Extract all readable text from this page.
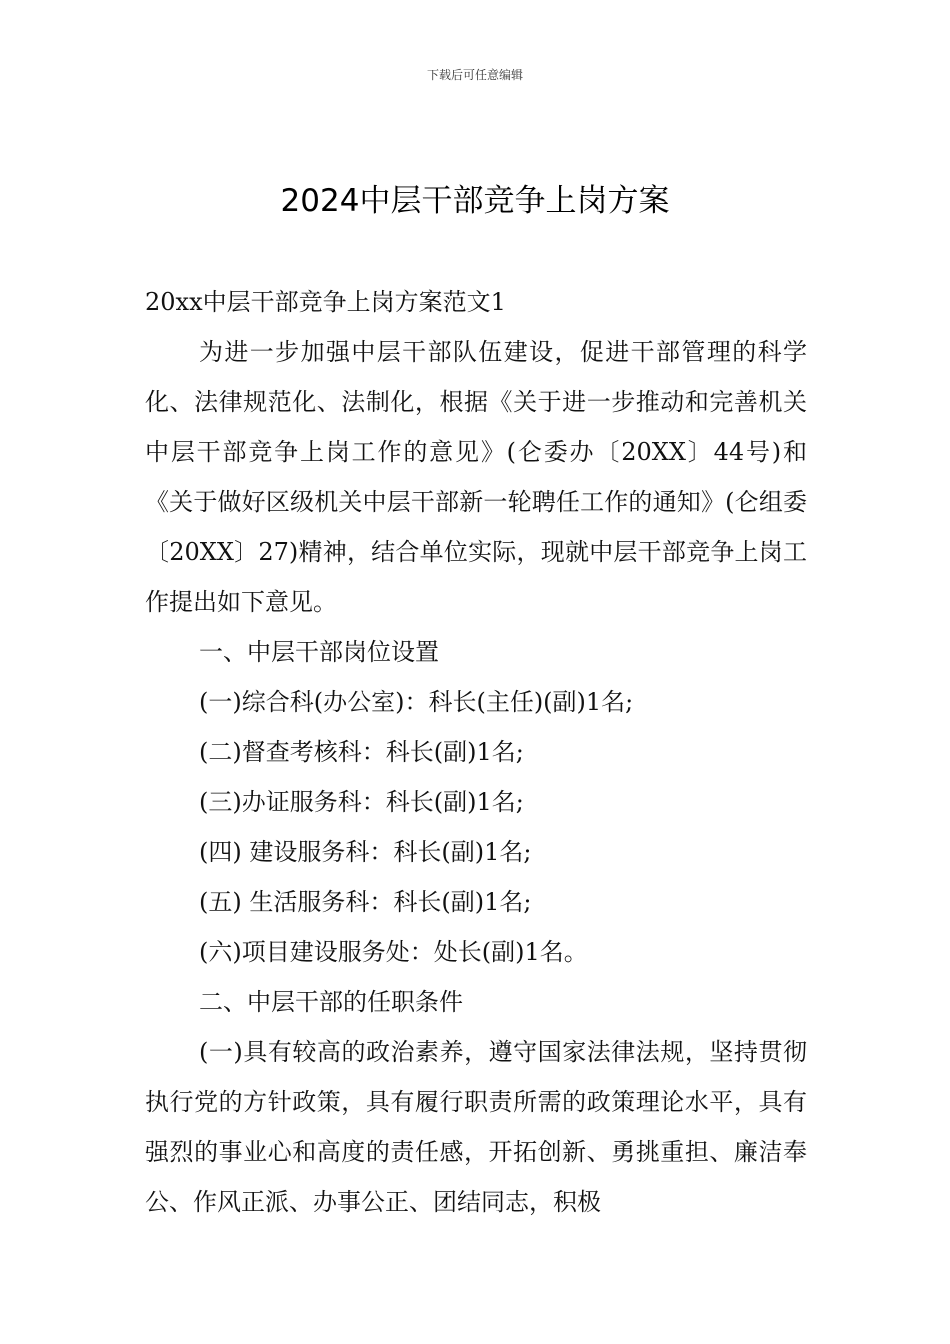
下载后可任意编辑
2024中层干部竞争上岗方案

20xx中层干部竞争上岗方案范文1

为进一步加强中层干部队伍建设，促进干部管理的科学化、法律规范化、法制化，根据《关于进一步推动和完善机关中层干部竞争上岗工作的意见》(仑委办〔20XX〕44号)和《关于做好区级机关中层干部新一轮聘任工作的通知》(仑组委〔20XX〕27)精神，结合单位实际，现就中层干部竞争上岗工作提出如下意见。

一、中层干部岗位设置

(一)综合科(办公室)：科长(主任)(副)1名;

(二)督查考核科：科长(副)1名;

(三)办证服务科：科长(副)1名;

(四) 建设服务科：科长(副)1名;

(五) 生活服务科：科长(副)1名;

(六)项目建设服务处：处长(副)1名。

二、中层干部的任职条件

(一)具有较高的政治素养，遵守国家法律法规，坚持贯彻执行党的方针政策，具有履行职责所需的政策理论水平，具有强烈的事业心和高度的责任感，开拓创新、勇挑重担、廉洁奉公、作风正派、办事公正、团结同志，积极
